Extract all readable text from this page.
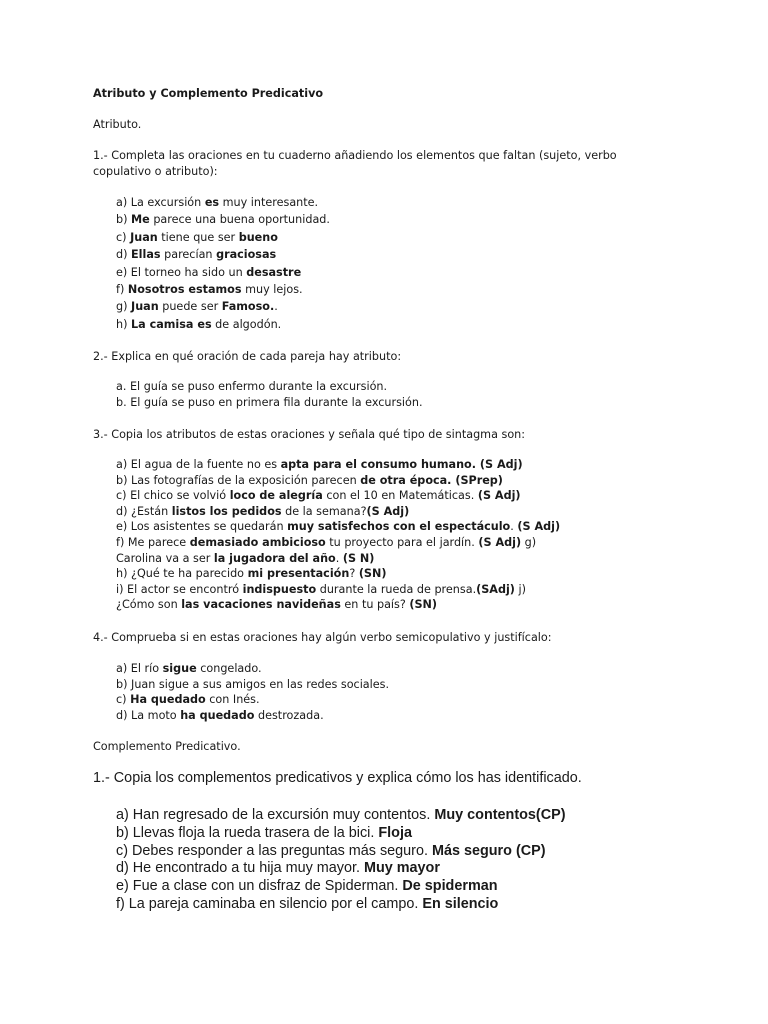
Atributo y Complemento Predicativo
Atributo.
1.- Completa las oraciones en tu cuaderno añadiendo los elementos que faltan (sujeto, verbo
copulativo o atributo):
a) La excursión es muy interesante.
b) Me parece una buena oportunidad.
c) Juan tiene que ser bueno
d) Ellas parecían graciosas
e) El torneo ha sido un desastre
f) Nosotros estamos muy lejos.
g) Juan puede ser Famoso..
h) La camisa es de algodón.
2.- Explica en qué oración de cada pareja hay atributo:
a. El guía se puso enfermo durante la excursión.
b. El guía se puso en primera fila durante la excursión.
3.- Copia los atributos de estas oraciones y señala qué tipo de sintagma son:
a) El agua de la fuente no es apta para el consumo humano. (S Adj)
b) Las fotografías de la exposición parecen de otra época. (SPrep)
c) El chico se volvió loco de alegría con el 10 en Matemáticas. (S Adj)
d) ¿Están listos los pedidos de la semana?(S Adj)
e) Los asistentes se quedarán muy satisfechos con el espectáculo. (S Adj)
f) Me parece demasiado ambicioso tu proyecto para el jardín. (S Adj) g)
Carolina va a ser la jugadora del año. (S N)
h) ¿Qué te ha parecido mi presentación? (SN)
i) El actor se encontró indispuesto durante la rueda de prensa.(SAdj) j)
¿Cómo son las vacaciones navideñas en tu país? (SN)
4.- Comprueba si en estas oraciones hay algún verbo semicopulativo y justifícalo:
a) El río sigue congelado.
b) Juan sigue a sus amigos en las redes sociales.
c) Ha quedado con Inés.
d) La moto ha quedado destrozada.
Complemento Predicativo.
1.- Copia los complementos predicativos y explica cómo los has identificado.
a) Han regresado de la excursión muy contentos. Muy contentos(CP)
b) Llevas floja la rueda trasera de la bici. Floja
c) Debes responder a las preguntas más seguro. Más seguro (CP)
d) He encontrado a tu hija muy mayor. Muy mayor
e) Fue a clase con un disfraz de Spiderman. De spiderman
f) La pareja caminaba en silencio por el campo. En silencio
